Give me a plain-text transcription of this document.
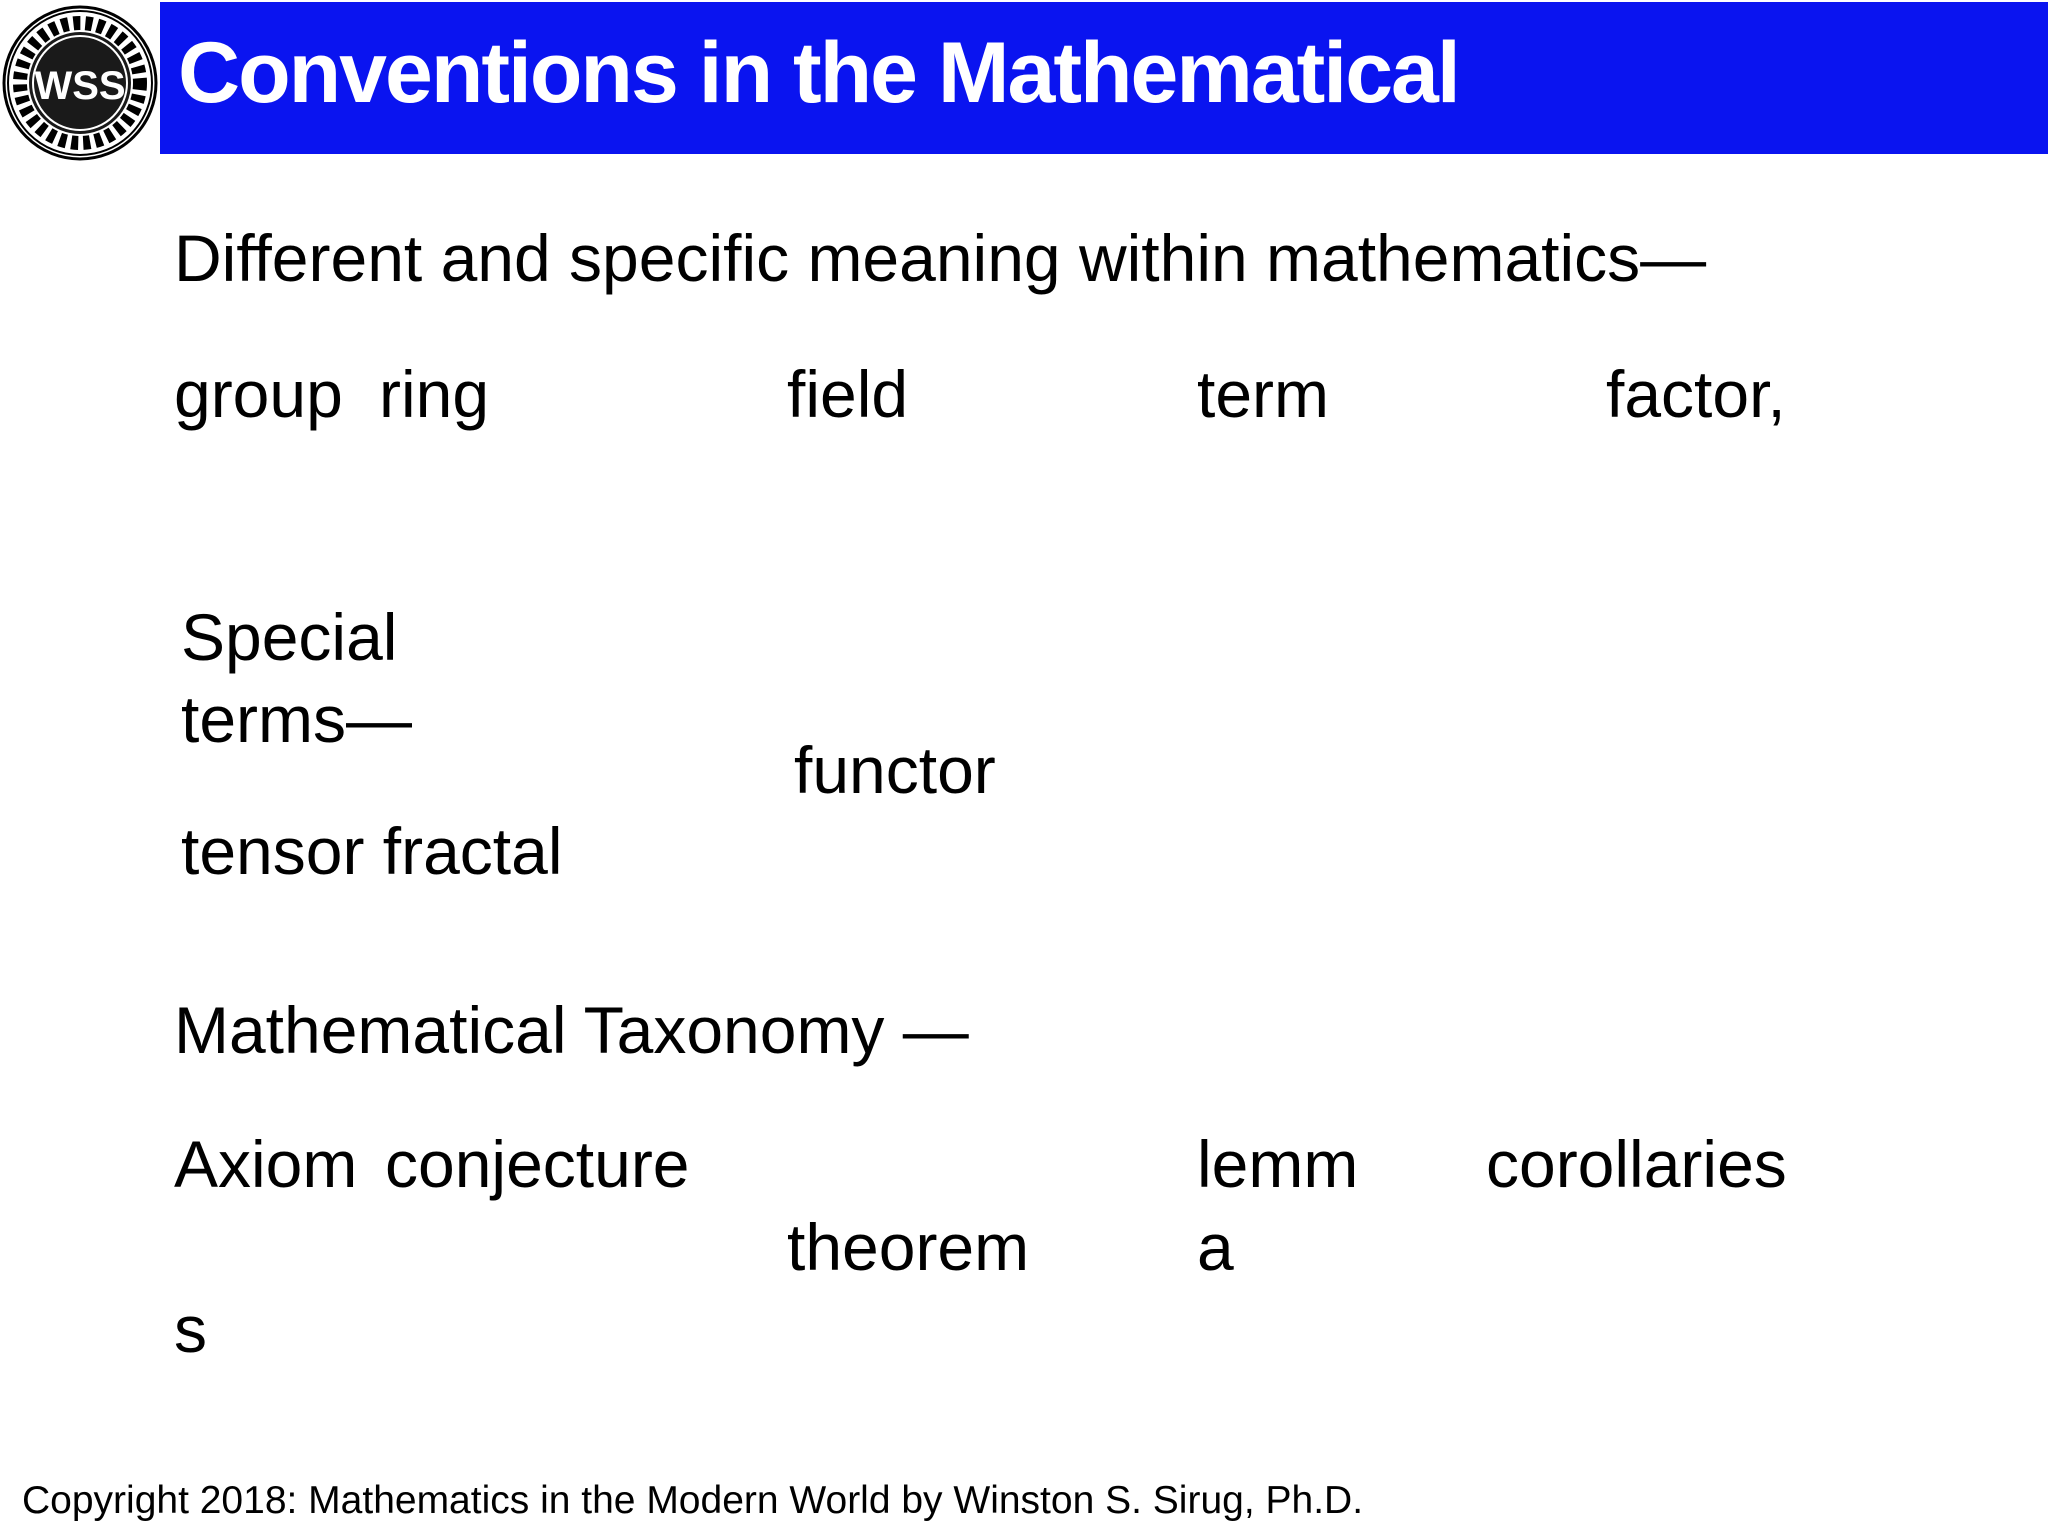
WSS Conventions in the Mathematical
Different and specific meaning within mathematics—
group ring	field	term	factor,
Special
terms—
tensor fractal
functor
Mathematical Taxonomy —
Axiom
s
conjecture
theorem
lemm
a
corollaries
Copyright 2018: Mathematics in the Modern World by Winston S. Sirug, Ph.D.
